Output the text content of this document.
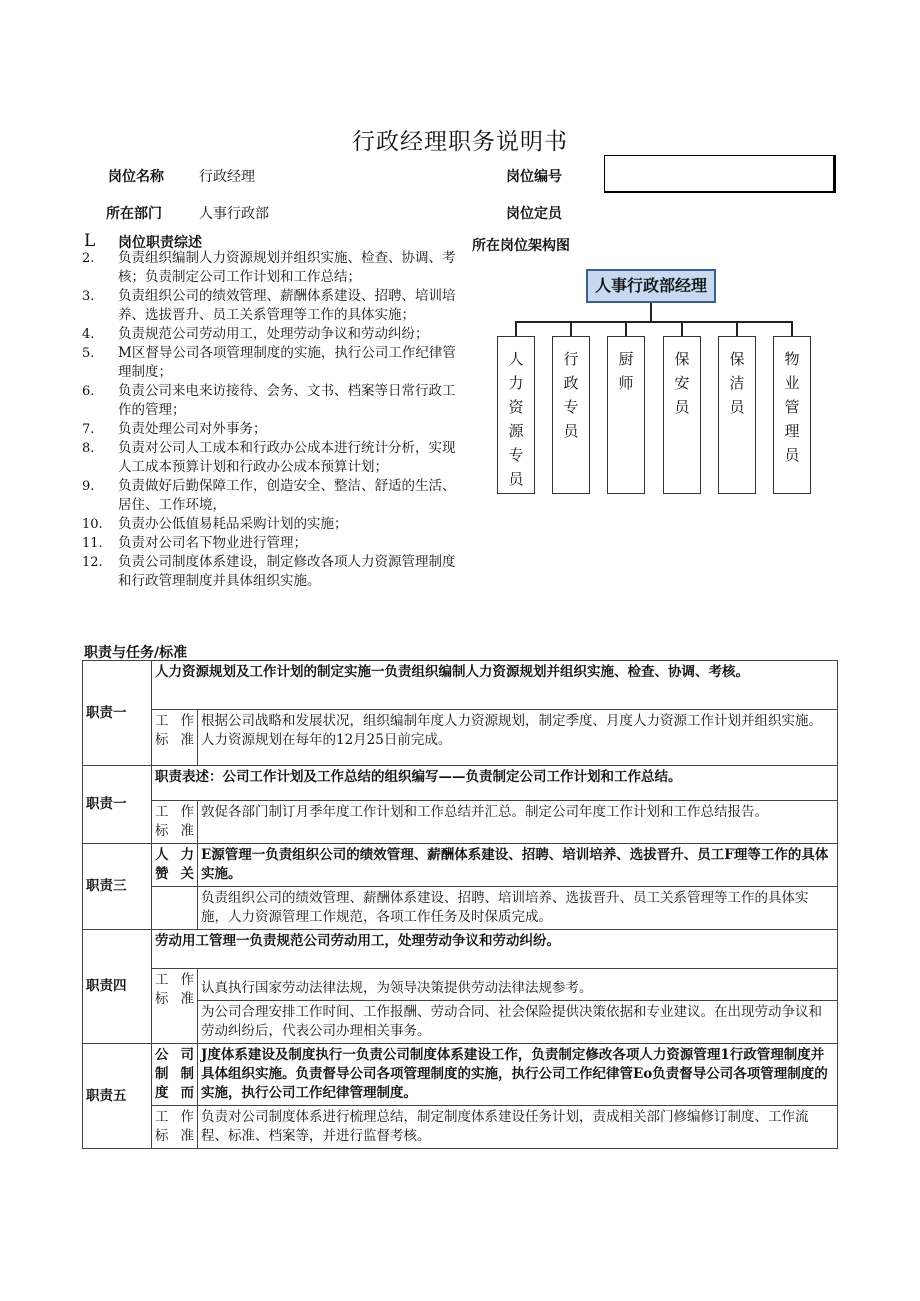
行政经理职务说明书
岗位名称	行政经理	岗位编号
所在部门	人事行政部	岗位定员
L 岗位职责综述
2.	负责组织编制人力资源规划并组织实施、检查、协调、考核；负责制定公司工作计划和工作总结；
3.	负责组织公司的绩效管理、薪酬体系建设、招聘、培训培养、选拔晋升、员工关系管理等工作的具体实施；
4.	负责规范公司劳动用工，处理劳动争议和劳动纠纷；
5.	M区督导公司各项管理制度的实施，执行公司工作纪律管理制度；
6.	负责公司来电来访接待、会务、文书、档案等日常行政工作的管理；
7.	负责处理公司对外事务；
8.	负责对公司人工成本和行政办公成本进行统计分析，实现人工成本预算计划和行政办公成本预算计划；
9.	负责做好后勤保障工作，创造安全、整洁、舒适的生活、居住、工作环境，
10.	负责办公低值易耗品采购计划的实施；
11.	负责对公司名下物业进行管理；
12.	负责公司制度体系建设，制定修改各项人力资源管理制度和行政管理制度并具体组织实施。
所在岗位架构图
人事行政部经理
人
力
资
源
专
员
行
政
专
员
厨
师
保
安
员
保
洁
员
物
业
管
理
员
职责与任务/标准
职责一	人力资源规划及工作计划的制定实施一负责组织编制人力资源规划并组织实施、检查、协调、考核。	
	工作标准	根据公司战略和发展状况，组织编制年度人力资源规划，制定季度、月度人力资源工作计划并组织实施。人力资源规划在每年的12月25日前完成。
职责一	职责表述：公司工作计划及工作总结的组织编写——负责制定公司工作计划和工作总结。	
	工作标准	敦促各部门制订月季年度工作计划和工作总结并汇总。制定公司年度工作计划和工作总结报告。
职责三	人力赞关	E源管理一负责组织公司的绩效管理、薪酬体系建设、招聘、培训培养、选拔晋升、员工F理等工作的具体实施。
		负责组织公司的绩效管理、薪酬体系建设、招聘、培训培养、选拔晋升、员工关系管理等工作的具体实施，人力资源管理工作规范，各项工作任务及时保质完成。
职责四	劳动用工管理一负责规范公司劳动用工，处理劳动争议和劳动纠纷。	
	工作标准	认真执行国家劳动法律法规，为领导决策提供劳动法律法规参考。
		为公司合理安排工作时间、工作报酬、劳动合同、社会保险提供决策依据和专业建议。在出现劳动争议和劳动纠纷后，代表公司办理相关事务。
职责五	公司制制度而	J度体系建设及制度执行一负责公司制度体系建设工作，负责制定修改各项人力资源管理1行政管理制度并具体组织实施。负责督导公司各项管理制度的实施，执行公司工作纪律管Eo负责督导公司各项管理制度的实施，执行公司工作纪律管理制度。
	工作标准	负责对公司制度体系进行梳理总结，制定制度体系建设任务计划，责成相关部门修编修订制度、工作流程、标准、档案等，并进行监督考核。
